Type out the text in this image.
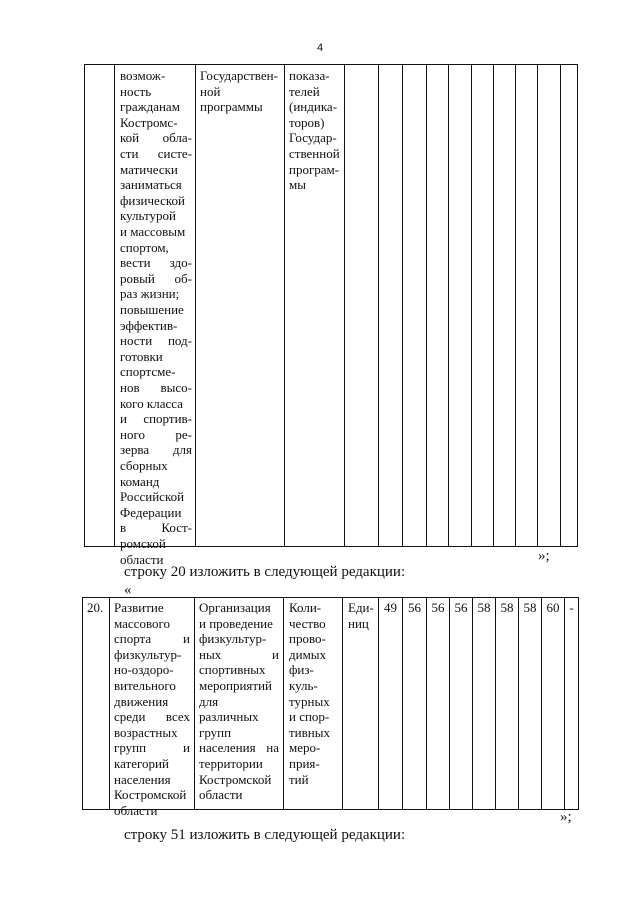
4
возмож-
ность
гражданам
Костромс-
кой обла-
сти систе-
матически
заниматься
физической
культурой
и массовым
спортом,
вести здо-
ровый об-
раз жизни;
повышение
эффектив-
ности под-
готовки
спортсме-
нов высо-
кого класса
и спортив-
ного ре-
зерва для
сборных
команд
Российской
Федерации
в Кост-
ромской
области
Государствен-
ной
программы
показа-
телей
(индика-
торов)
Государ-
ственной
програм-
мы
»;
строку 20 изложить в следующей редакции:
«
20. Развитие
массового
спорта и
физкультур-
но-оздоро-
вительного
движения
среди всех
возрастных
групп и
категорий
населения
Костромской
области
Организация
и проведение
физкультур-
ных и
спортивных
мероприятий
для
различных
групп
населения на
территории
Костромской
области
Коли-
чество
прово-
димых
физ-
куль-
турных
и спор-
тивных
меро-
прия-
тий
Еди-
ниц
49 56 56 56 58 58 58 60 -
»;
строку 51 изложить в следующей редакции:
